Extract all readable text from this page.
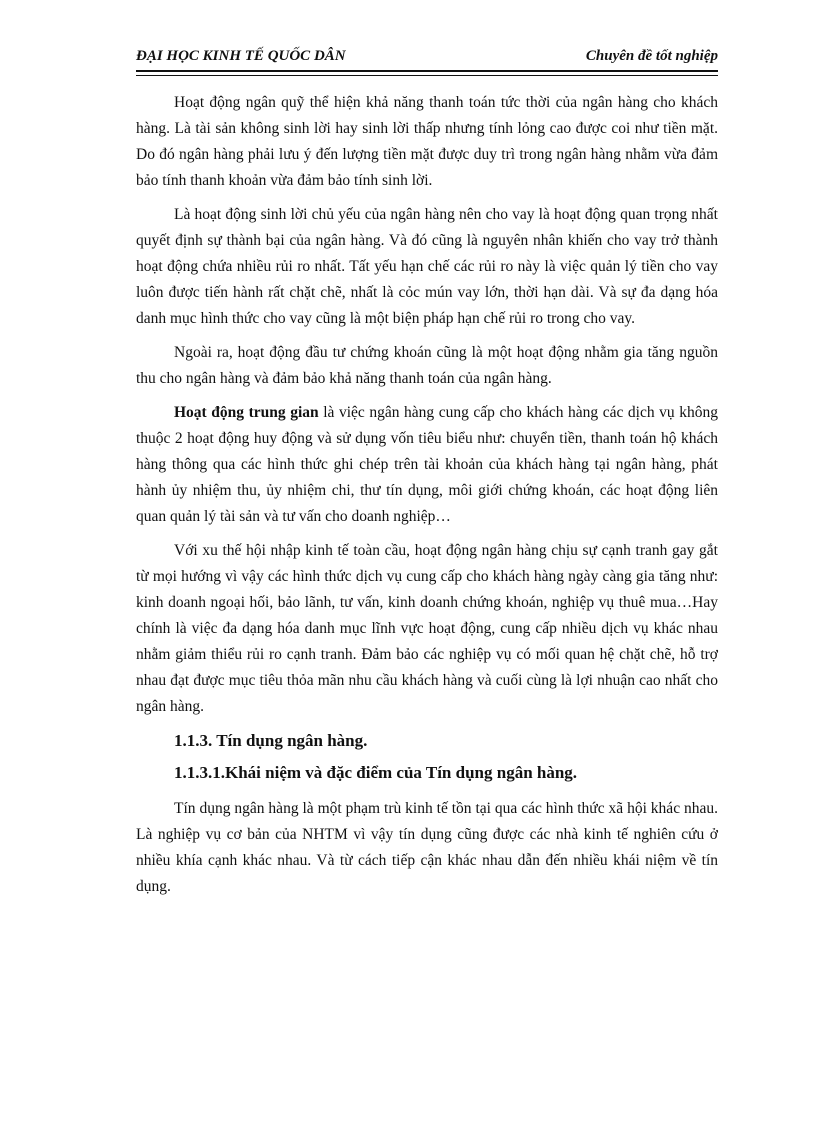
ĐẠI HỌC KINH TẾ QUỐC DÂN	Chuyên đề tốt nghiệp

Hoạt động ngân quỹ thể hiện khả năng thanh toán tức thời của ngân hàng cho khách hàng. Là tài sản không sinh lời hay sinh lời thấp nhưng tính lỏng cao được coi như tiền mặt. Do đó ngân hàng phải lưu ý đến lượng tiền mặt được duy trì trong ngân hàng nhằm vừa đảm bảo tính thanh khoản vừa đảm bảo tính sinh lời.

Là hoạt động sinh lời chủ yếu của ngân hàng nên cho vay là hoạt động quan trọng nhất quyết định sự thành bại của ngân hàng. Và đó cũng là nguyên nhân khiến cho vay trở thành hoạt động chứa nhiều rủi ro nhất. Tất yếu hạn chế các rủi ro này là việc quản lý tiền cho vay luôn được tiến hành rất chặt chẽ, nhất là cỏc mún vay lớn, thời hạn dài. Và sự đa dạng hóa danh mục hình thức cho vay cũng là một biện pháp hạn chế rủi ro trong cho vay.

Ngoài ra, hoạt động đầu tư chứng khoán cũng là một hoạt động nhằm gia tăng nguồn thu cho ngân hàng và đảm bảo khả năng thanh toán của ngân hàng.

Hoạt động trung gian là việc ngân hàng cung cấp cho khách hàng các dịch vụ không thuộc 2 hoạt động huy động và sử dụng vốn tiêu biểu như: chuyển tiền, thanh toán hộ khách hàng thông qua các hình thức ghi chép trên tài khoản của khách hàng tại ngân hàng, phát hành ủy nhiệm thu, ủy nhiệm chi, thư tín dụng, môi giới chứng khoán, các hoạt động liên quan quản lý tài sản và tư vấn cho doanh nghiệp…

Với xu thế hội nhập kinh tế toàn cầu, hoạt động ngân hàng chịu sự cạnh tranh gay gắt từ mọi hướng vì vậy các hình thức dịch vụ cung cấp cho khách hàng ngày càng gia tăng như: kinh doanh ngoại hối, bảo lãnh, tư vấn, kinh doanh chứng khoán, nghiệp vụ thuê mua…Hay chính là việc đa dạng hóa danh mục lĩnh vực hoạt động, cung cấp nhiều dịch vụ khác nhau nhằm giảm thiểu rủi ro cạnh tranh. Đảm bảo các nghiệp vụ có mối quan hệ chặt chẽ, hỗ trợ nhau đạt được mục tiêu thỏa mãn nhu cầu khách hàng và cuối cùng là lợi nhuận cao nhất cho ngân hàng.

1.1.3. Tín dụng ngân hàng.
1.1.3.1.Khái niệm và đặc điểm của Tín dụng ngân hàng.

Tín dụng ngân hàng là một phạm trù kinh tế tồn tại qua các hình thức xã hội khác nhau. Là nghiệp vụ cơ bản của NHTM vì vậy tín dụng cũng được các nhà kinh tế nghiên cứu ở nhiều khía cạnh khác nhau. Và từ cách tiếp cận khác nhau dẫn đến nhiều khái niệm về tín dụng.
